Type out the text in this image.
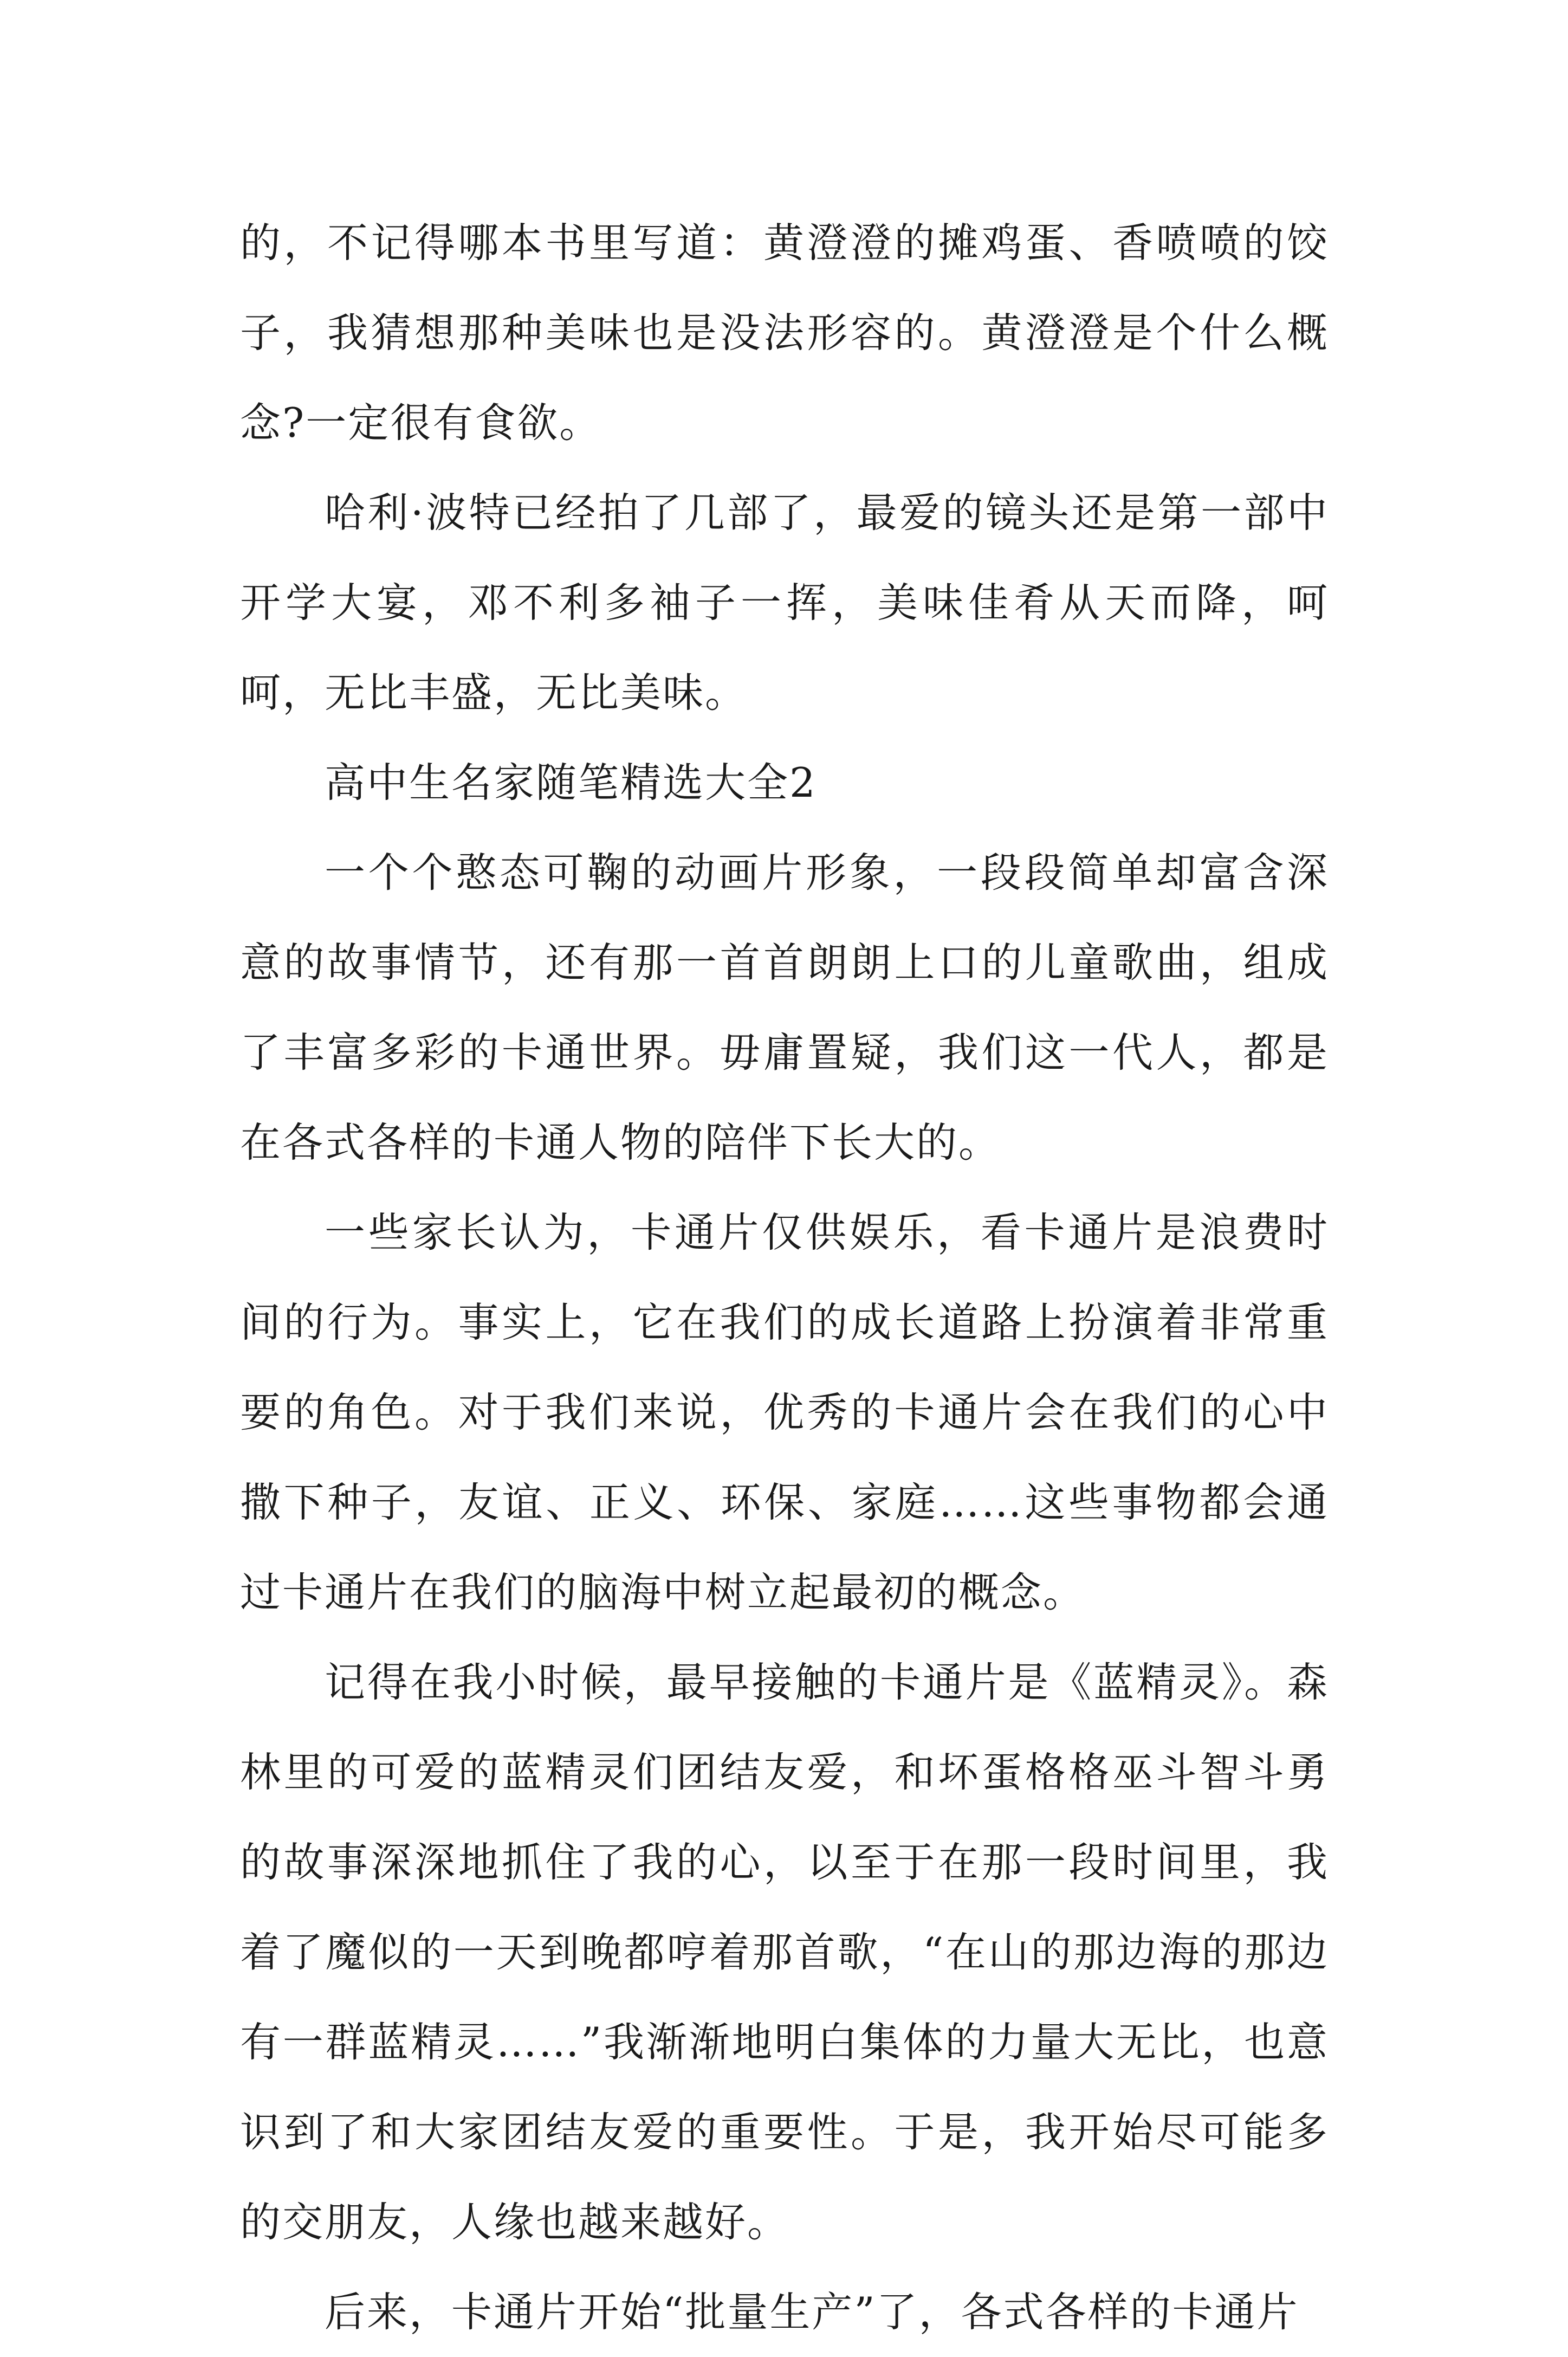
的，不记得哪本书里写道：黄澄澄的摊鸡蛋、香喷喷的饺子，我猜想那种美味也是没法形容的。黄澄澄是个什么概念?一定很有食欲。

哈利·波特已经拍了几部了，最爱的镜头还是第一部中开学大宴，邓不利多袖子一挥，美味佳肴从天而降，呵呵，无比丰盛，无比美味。

高中生名家随笔精选大全2

一个个憨态可鞠的动画片形象，一段段简单却富含深意的故事情节，还有那一首首朗朗上口的儿童歌曲，组成了丰富多彩的卡通世界。毋庸置疑，我们这一代人，都是在各式各样的卡通人物的陪伴下长大的。

一些家长认为，卡通片仅供娱乐，看卡通片是浪费时间的行为。事实上，它在我们的成长道路上扮演着非常重要的角色。对于我们来说，优秀的卡通片会在我们的心中撒下种子，友谊、正义、环保、家庭……这些事物都会通过卡通片在我们的脑海中树立起最初的概念。

记得在我小时候，最早接触的卡通片是《蓝精灵》。森林里的可爱的蓝精灵们团结友爱，和坏蛋格格巫斗智斗勇的故事深深地抓住了我的心，以至于在那一段时间里，我着了魔似的一天到晚都哼着那首歌，“在山的那边海的那边有一群蓝精灵……”我渐渐地明白集体的力量大无比，也意识到了和大家团结友爱的重要性。于是，我开始尽可能多的交朋友，人缘也越来越好。

后来，卡通片开始“批量生产”了，各式各样的卡通片
